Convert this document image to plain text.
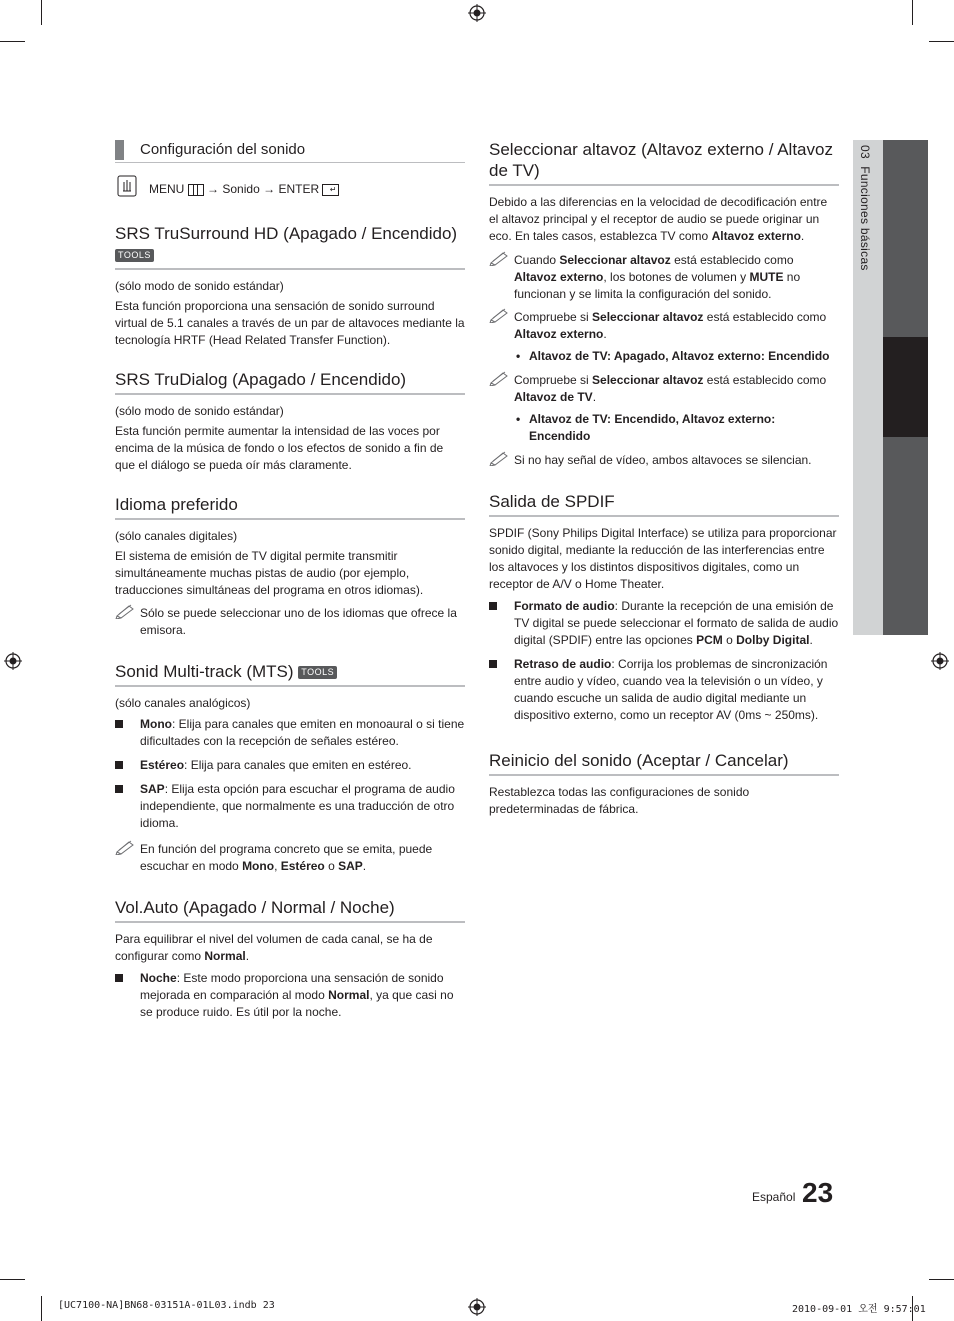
03  Funciones básicas
Configuración del sonido
MENU → Sonido → ENTER ↵
SRS TruSurround HD (Apagado / Encendido)
TOOLS
(sólo modo de sonido estándar)
Esta función proporciona una sensación de sonido surround virtual de 5.1 canales a través de un par de altavoces mediante la tecnología HRTF (Head Related Transfer Function).
SRS TruDialog (Apagado / Encendido)
(sólo modo de sonido estándar)
Esta función permite aumentar la intensidad de las voces por encima de la música de fondo o los efectos de sonido a fin de que el diálogo se pueda oír más claramente.
Idioma preferido
(sólo canales digitales)
El sistema de emisión de TV digital permite transmitir simultáneamente muchas pistas de audio (por ejemplo, traducciones simultáneas del programa en otros idiomas).
Sólo se puede seleccionar uno de los idiomas que ofrece la emisora.
Sonid Multi-track (MTS) TOOLS
(sólo canales analógicos)
Mono: Elija para canales que emiten en monoaural o si tiene dificultades con la recepción de señales estéreo.
Estéreo: Elija para canales que emiten en estéreo.
SAP: Elija esta opción para escuchar el programa de audio independiente, que normalmente es una traducción de otro idioma.
En función del programa concreto que se emita, puede escuchar en modo Mono, Estéreo o SAP.
Vol.Auto (Apagado / Normal / Noche)
Para equilibrar el nivel del volumen de cada canal, se ha de configurar como Normal.
Noche: Este modo proporciona una sensación de sonido mejorada en comparación al modo Normal, ya que casi no se produce ruido. Es útil por la noche.
Seleccionar altavoz (Altavoz externo / Altavoz de TV)
Debido a las diferencias en la velocidad de decodificación entre el altavoz principal y el receptor de audio se puede originar un eco. En tales casos, establezca TV como Altavoz externo.
Cuando Seleccionar altavoz está establecido como Altavoz externo, los botones de volumen y MUTE no funcionan y se limita la configuración del sonido.
Compruebe si Seleccionar altavoz está establecido como Altavoz externo.
• Altavoz de TV: Apagado, Altavoz externo: Encendido
Compruebe si Seleccionar altavoz está establecido como Altavoz de TV.
• Altavoz de TV: Encendido, Altavoz externo: Encendido
Si no hay señal de vídeo, ambos altavoces se silencian.
Salida de SPDIF
SPDIF (Sony Philips Digital Interface) se utiliza para proporcionar sonido digital, mediante la reducción de las interferencias entre los altavoces y los distintos dispositivos digitales, como un receptor de A/V o Home Theater.
Formato de audio: Durante la recepción de una emisión de TV digital se puede seleccionar el formato de salida de audio digital (SPDIF) entre las opciones PCM o Dolby Digital.
Retraso de audio: Corrija los problemas de sincronización entre audio y vídeo, cuando vea la televisión o un vídeo, y cuando escuche un salida de audio digital mediante un dispositivo externo, como un receptor AV (0ms ~ 250ms).
Reinicio del sonido (Aceptar / Cancelar)
Restablezca todas las configuraciones de sonido predeterminadas de fábrica.
Español 23
[UC7100-NA]BN68-03151A-01L03.indb 23	2010-09-01 오전 9:57:01
